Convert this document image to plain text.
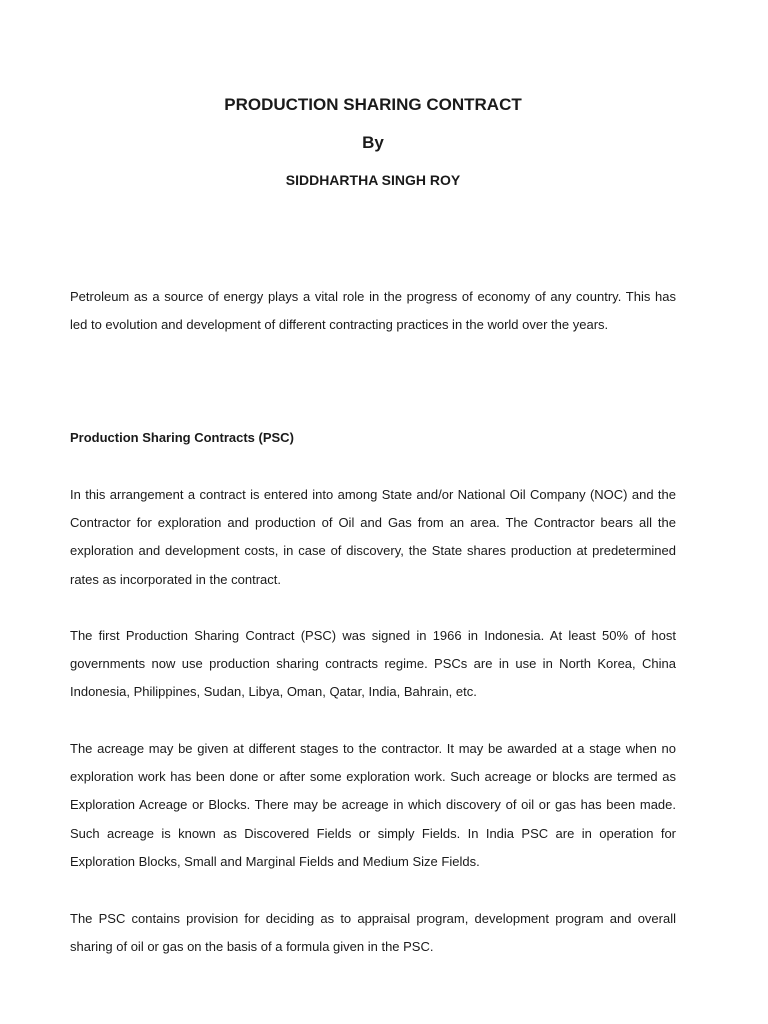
PRODUCTION SHARING CONTRACT

By

SIDDHARTHA SINGH ROY

Petroleum as a source of energy plays a vital role in the progress of economy of any country. This has led to evolution and development of different contracting practices in the world over the years.

Production Sharing Contracts (PSC)

In this arrangement a contract is entered into among State and/or National Oil Company (NOC) and the Contractor for exploration and production of Oil and Gas from an area. The Contractor bears all the exploration and development costs, in case of discovery, the State shares production at predetermined rates as incorporated in the contract.

The first Production Sharing Contract (PSC) was signed in 1966 in Indonesia. At least 50% of host governments now use production sharing contracts regime. PSCs are in use in North Korea, China Indonesia, Philippines, Sudan, Libya, Oman, Qatar, India, Bahrain, etc.

The acreage may be given at different stages to the contractor. It may be awarded at a stage when no exploration work has been done or after some exploration work. Such acreage or blocks are termed as Exploration Acreage or Blocks. There may be acreage in which discovery of oil or gas has been made. Such acreage is known as Discovered Fields or simply Fields. In India PSC are in operation for Exploration Blocks, Small and Marginal Fields and Medium Size Fields.

The PSC contains provision for deciding as to appraisal program, development program and overall sharing of oil or gas on the basis of a formula given in the PSC.
